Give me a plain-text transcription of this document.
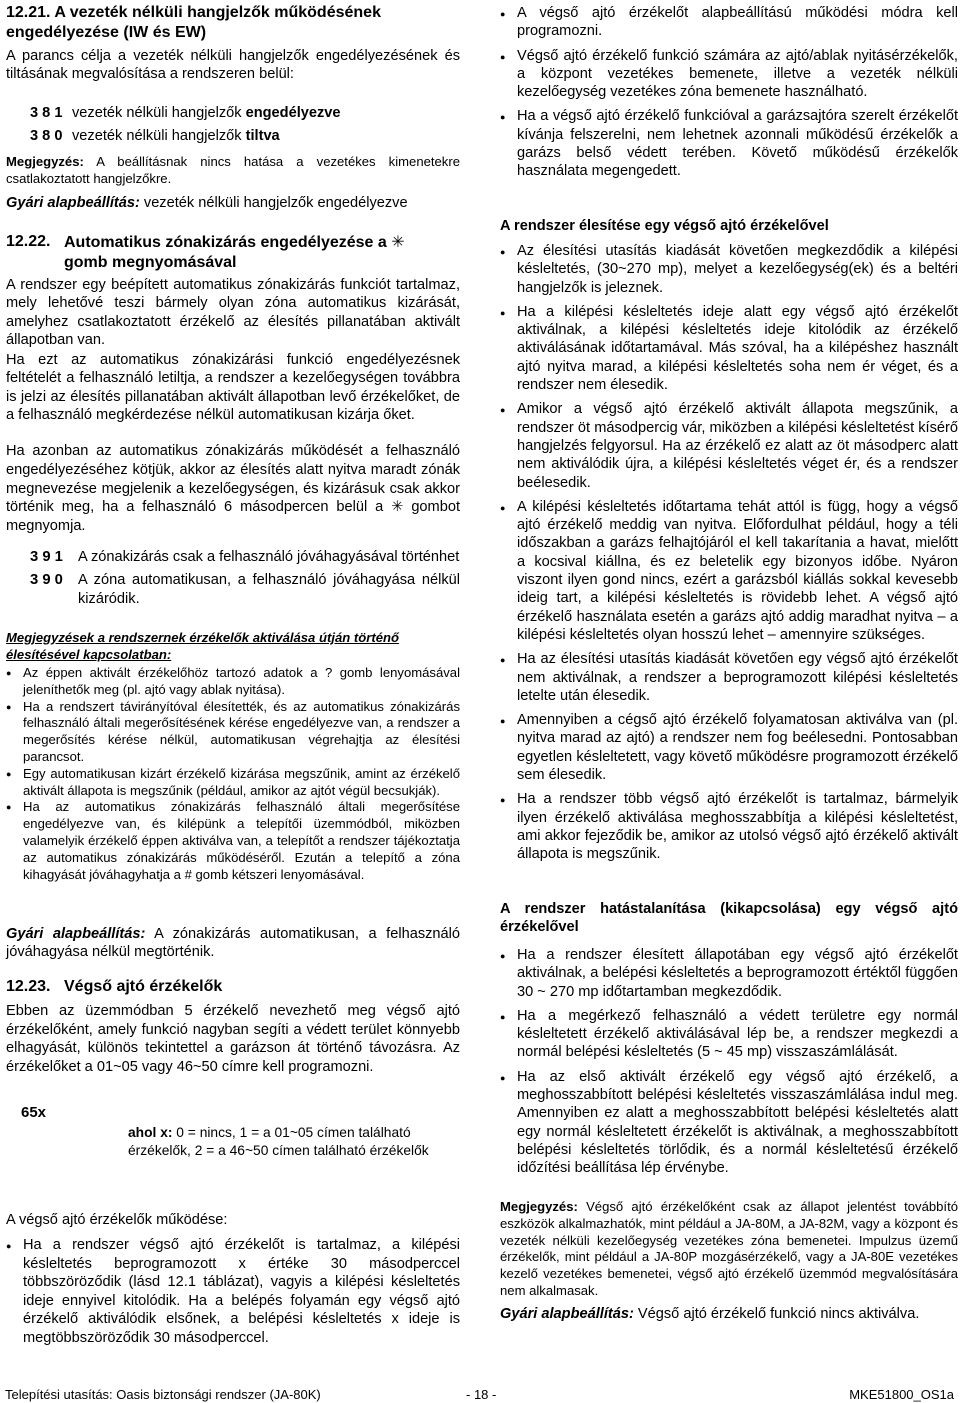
12.21. A vezeték nélküli hangjelzők működésének engedélyezése (IW és EW)

A parancs célja a vezeték nélküli hangjelzők engedélyezésének és tiltásának megvalósítása a rendszeren belül:

3 8 1 vezeték nélküli hangjelzők engedélyezve
3 8 0 vezeték nélküli hangjelzők tiltva

Megjegyzés: A beállításnak nincs hatása a vezetékes kimenetekre csatlakoztatott hangjelzőkre.

Gyári alapbeállítás: vezeték nélküli hangjelzők engedélyezve

12.22. Automatikus zónakizárás engedélyezése a ✳
gomb megnyomásával

A rendszer egy beépített automatikus zónakizárás funkciót tartalmaz, mely lehetővé teszi bármely olyan zóna automatikus kizárását, amelyhez csatlakoztatott érzékelő az élesítés pillanatában aktivált állapotban van.

Ha ezt az automatikus zónakizárási funkció engedélyezésnek feltételét a felhasználó letiltja, a rendszer a kezelőegységen továbbra is jelzi az élesítés pillanatában aktivált állapotban levő érzékelőket, de a felhasználó megkérdezése nélkül automatikusan kizárja őket.

Ha azonban az automatikus zónakizárás működését a felhasználó engedélyezéséhez kötjük, akkor az élesítés alatt nyitva maradt zónák megnevezése megjelenik a kezelőegységen, és kizárásuk csak akkor történik meg, ha a felhasználó 6 másodpercen belül a ✳ gombot megnyomja.

3 9 1	A zónakizárás csak a felhasználó jóváhagyásával történhet
3 9 0	A zóna automatikusan, a felhasználó jóváhagyása nélkül kizáródik.

Megjegyzések a rendszernek érzékelők aktiválása útján történő élesítésével kapcsolatban:

● Az éppen aktivált érzékelőhöz tartozó adatok a ? gomb lenyomásával jeleníthetők meg (pl. ajtó vagy ablak nyitása).
● Ha a rendszert távirányítóval élesítették, és az automatikus zónakizárás felhasználó általi megerősítésének kérése engedélyezve van, a rendszer a megerősítés kérése nélkül, automatikusan végrehajtja az élesítési parancsot.
● Egy automatikusan kizárt érzékelő kizárása megszűnik, amint az érzékelő aktivált állapota is megszűnik (például, amikor az ajtót végül becsukják).
● Ha az automatikus zónakizárás felhasználó általi megerősítése engedélyezve van, és kilépünk a telepítői üzemmódból, miközben valamelyik érzékelő éppen aktiválva van, a telepítőt a rendszer tájékoztatja az automatikus zónakizárás működéséről. Ezután a telepítő a zóna kihagyását jóváhagyhatja a # gomb kétszeri lenyomásával.

Gyári alapbeállítás: A zónakizárás automatikusan, a felhasználó jóváhagyása nélkül megtörténik.

12.23. Végső ajtó érzékelők

Ebben az üzemmódban 5 érzékelő nevezhető meg végső ajtó érzékelőként, amely funkció nagyban segíti a védett terület könnyebb elhagyását, különös tekintettel a garázson át történő távozásra. Az érzékelőket a 01~05 vagy 46~50 címre kell programozni.

65x

ahol x: 0 = nincs, 1 = a 01~05 címen található érzékelők, 2 = a 46~50 címen található érzékelők

A végső ajtó érzékelők működése:

● Ha a rendszer végső ajtó érzékelőt is tartalmaz, a kilépési késleltetés beprogramozott x értéke 30 másodperccel többszöröződik (lásd 12.1 táblázat), vagyis a kilépési késleltetés ideje ennyivel kitolódik. Ha a belépés folyamán egy végső ajtó érzékelő aktiválódik elsőnek, a belépési késleltetés x ideje is megtöbbszöröződik 30 másodperccel.
● A végső ajtó érzékelőt alapbeállítású működési módra kell programozni.
● Végső ajtó érzékelő funkció számára az ajtó/ablak nyitásérzékelők, a központ vezetékes bemenete, illetve a vezeték nélküli kezelőegység vezetékes zóna bemenete használható.
● Ha a végső ajtó érzékelő funkcióval a garázsajtóra szerelt érzékelőt kívánja felszerelni, nem lehetnek azonnali működésű érzékelők a garázs belső védett terében. Követő működésű érzékelők használata megengedett.

A rendszer élesítése egy végső ajtó érzékelővel

● Az élesítési utasítás kiadását követően megkezdődik a kilépési késleltetés, (30~270 mp), melyet a kezelőegység(ek) és a beltéri hangjelzők is jeleznek.
● Ha a kilépési késleltetés ideje alatt egy végső ajtó érzékelőt aktiválnak, a kilépési késleltetés ideje kitolódik az érzékelő aktiválásának időtartamával. Más szóval, ha a kilépéshez használt ajtó nyitva marad, a kilépési késleltetés soha nem ér véget, és a rendszer nem élesedik.
● Amikor a végső ajtó érzékelő aktivált állapota megszűnik, a rendszer öt másodpercig vár, miközben a kilépési késleltetést kísérő hangjelzés felgyorsul. Ha az érzékelő ez alatt az öt másodperc alatt nem aktiválódik újra, a kilépési késleltetés véget ér, és a rendszer beélesedik.
● A kilépési késleltetés időtartama tehát attól is függ, hogy a végső ajtó érzékelő meddig van nyitva. Előfordulhat például, hogy a téli időszakban a garázs felhajtójáról el kell takarítania a havat, mielőtt a kocsival kiállna, és ez beletelik egy bizonyos időbe. Nyáron viszont ilyen gond nincs, ezért a garázsból kiállás sokkal kevesebb ideig tart, a kilépési késleltetés is rövidebb lehet. A végső ajtó érzékelő használata esetén a garázs ajtó addig maradhat nyitva – a kilépési késleltetés olyan hosszú lehet – amennyire szükséges.
● Ha az élesítési utasítás kiadását követően egy végső ajtó érzékelőt nem aktiválnak, a rendszer a beprogramozott kilépési késleltetés letelte után élesedik.
● Amennyiben a cégső ajtó érzékelő folyamatosan aktiválva van (pl. nyitva marad az ajtó) a rendszer nem fog beélesedni. Pontosabban egyetlen késleltetett, vagy követő működésre programozott érzékelő sem élesedik.
● Ha a rendszer több végső ajtó érzékelőt is tartalmaz, bármelyik ilyen érzékelő aktiválása meghosszabbítja a kilépési késleltetést, ami akkor fejeződik be, amikor az utolsó végső ajtó érzékelő aktivált állapota is megszűnik.

A rendszer hatástalanítása (kikapcsolása) egy végső ajtó érzékelővel

● Ha a rendszer élesített állapotában egy végső ajtó érzékelőt aktiválnak, a belépési késleltetés a beprogramozott értéktől függően 30 ~ 270 mp időtartamban megkezdődik.
● Ha a megérkező felhasználó a védett területre egy normál késleltetett érzékelő aktiválásával lép be, a rendszer megkezdi a normál belépési késleltetés (5 ~ 45 mp) visszaszámlálását.
● Ha az első aktivált érzékelő egy végső ajtó érzékelő, a meghosszabbított belépési késleltetés visszaszámlálása indul meg. Amennyiben ez alatt a meghosszabbított belépési késleltetés alatt egy normál késleltetett érzékelőt is aktiválnak, a meghosszabbított belépési késleltetés törlődik, és a normál késleltetésű érzékelő időzítési beállítása lép érvénybe.

Megjegyzés: Végső ajtó érzékelőként csak az állapot jelentést továbbító eszközök alkalmazhatók, mint például a JA-80M, a JA-82M, vagy a központ és vezeték nélküli kezelőegység vezetékes zóna bemenetei. Impulzus üzemű érzékelők, mint például a JA-80P mozgásérzékelő, vagy a JA-80E vezetékes kezelő vezetékes bemenetei, végső ajtó érzékelő üzemmód megvalósítására nem alkalmasak.

Gyári alapbeállítás: Végső ajtó érzékelő funkció nincs aktiválva.

Telepítési utasítás: Oasis biztonsági rendszer (JA-80K)	- 18 -	MKE51800_OS1a
